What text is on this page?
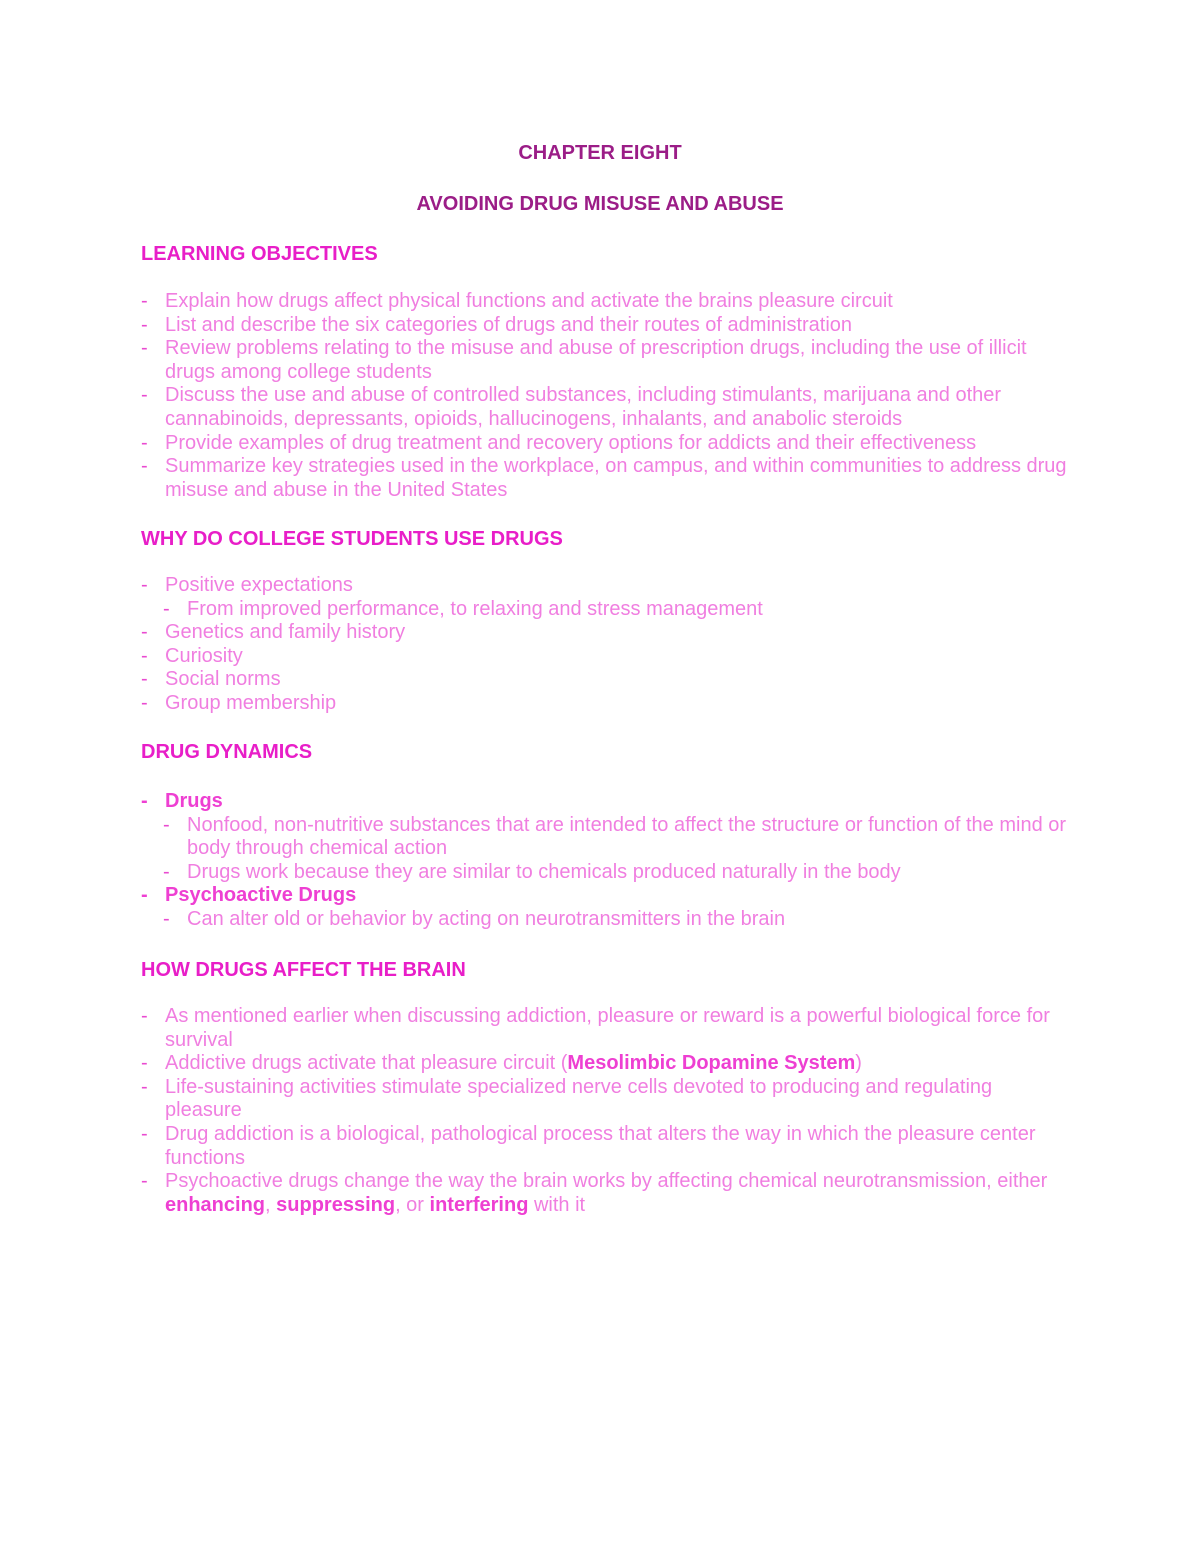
CHAPTER EIGHT
AVOIDING DRUG MISUSE AND ABUSE
LEARNING OBJECTIVES
- Explain how drugs affect physical functions and activate the brains pleasure circuit
- List and describe the six categories of drugs and their routes of administration
- Review problems relating to the misuse and abuse of prescription drugs, including the use of illicit drugs among college students
- Discuss the use and abuse of controlled substances, including stimulants, marijuana and other cannabinoids, depressants, opioids, hallucinogens, inhalants, and anabolic steroids
- Provide examples of drug treatment and recovery options for addicts and their effectiveness
- Summarize key strategies used in the workplace, on campus, and within communities to address drug misuse and abuse in the United States
WHY DO COLLEGE STUDENTS USE DRUGS
- Positive expectations
- From improved performance, to relaxing and stress management
- Genetics and family history
- Curiosity
- Social norms
- Group membership
DRUG DYNAMICS
- Drugs
- Nonfood, non-nutritive substances that are intended to affect the structure or function of the mind or body through chemical action
- Drugs work because they are similar to chemicals produced naturally in the body
- Psychoactive Drugs
- Can alter old or behavior by acting on neurotransmitters in the brain
HOW DRUGS AFFECT THE BRAIN
- As mentioned earlier when discussing addiction, pleasure or reward is a powerful biological force for survival
- Addictive drugs activate that pleasure circuit (Mesolimbic Dopamine System)
- Life-sustaining activities stimulate specialized nerve cells devoted to producing and regulating pleasure
- Drug addiction is a biological, pathological process that alters the way in which the pleasure center functions
- Psychoactive drugs change the way the brain works by affecting chemical neurotransmission, either enhancing, suppressing, or interfering with it
